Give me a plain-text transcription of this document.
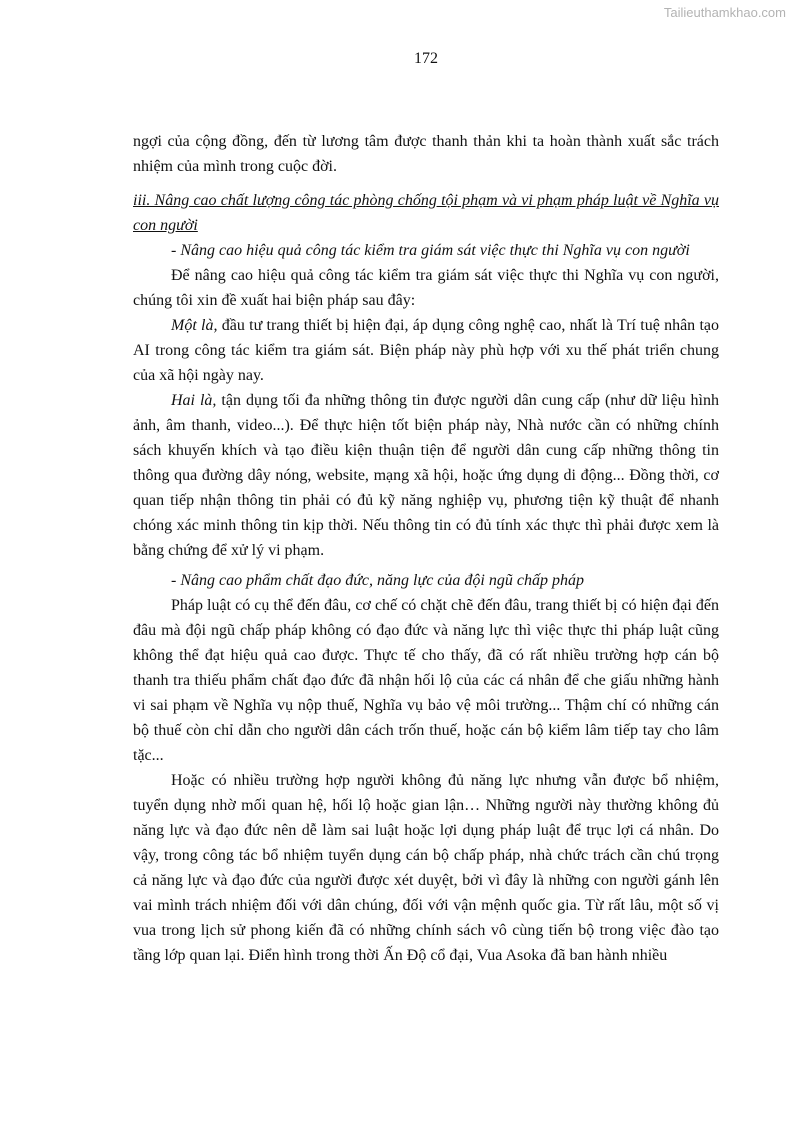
Tailieuthamkhao.com
172

ngợi của cộng đồng, đến từ lương tâm được thanh thản khi ta hoàn thành xuất sắc trách nhiệm của mình trong cuộc đời.

iii. Nâng cao chất lượng công tác phòng chống tội phạm và vi phạm pháp luật về Nghĩa vụ con người

- Nâng cao hiệu quả công tác kiểm tra giám sát việc thực thi Nghĩa vụ con người

Để nâng cao hiệu quả công tác kiểm tra giám sát việc thực thi Nghĩa vụ con người, chúng tôi xin đề xuất hai biện pháp sau đây:

Một là, đầu tư trang thiết bị hiện đại, áp dụng công nghệ cao, nhất là Trí tuệ nhân tạo AI trong công tác kiểm tra giám sát. Biện pháp này phù hợp với xu thế phát triển chung của xã hội ngày nay.

Hai là, tận dụng tối đa những thông tin được người dân cung cấp (như dữ liệu hình ảnh, âm thanh, video...). Để thực hiện tốt biện pháp này, Nhà nước cần có những chính sách khuyến khích và tạo điều kiện thuận tiện để người dân cung cấp những thông tin thông qua đường dây nóng, website, mạng xã hội, hoặc ứng dụng di động... Đồng thời, cơ quan tiếp nhận thông tin phải có đủ kỹ năng nghiệp vụ, phương tiện kỹ thuật để nhanh chóng xác minh thông tin kịp thời. Nếu thông tin có đủ tính xác thực thì phải được xem là bằng chứng để xử lý vi phạm.

- Nâng cao phẩm chất đạo đức, năng lực của đội ngũ chấp pháp

Pháp luật có cụ thể đến đâu, cơ chế có chặt chẽ đến đâu, trang thiết bị có hiện đại đến đâu mà đội ngũ chấp pháp không có đạo đức và năng lực thì việc thực thi pháp luật cũng không thể đạt hiệu quả cao được. Thực tế cho thấy, đã có rất nhiều trường hợp cán bộ thanh tra thiếu phẩm chất đạo đức đã nhận hối lộ của các cá nhân để che giấu những hành vi sai phạm về Nghĩa vụ nộp thuế, Nghĩa vụ bảo vệ môi trường... Thậm chí có những cán bộ thuế còn chỉ dẫn cho người dân cách trốn thuế, hoặc cán bộ kiểm lâm tiếp tay cho lâm tặc...

Hoặc có nhiều trường hợp người không đủ năng lực nhưng vẫn được bổ nhiệm, tuyển dụng nhờ mối quan hệ, hối lộ hoặc gian lận… Những người này thường không đủ năng lực và đạo đức nên dễ làm sai luật hoặc lợi dụng pháp luật để trục lợi cá nhân. Do vậy, trong công tác bổ nhiệm tuyển dụng cán bộ chấp pháp, nhà chức trách cần chú trọng cả năng lực và đạo đức của người được xét duyệt, bởi vì đây là những con người gánh lên vai mình trách nhiệm đối với dân chúng, đối với vận mệnh quốc gia. Từ rất lâu, một số vị vua trong lịch sử phong kiến đã có những chính sách vô cùng tiến bộ trong việc đào tạo tầng lớp quan lại. Điển hình trong thời Ấn Độ cổ đại, Vua Asoka đã ban hành nhiều
